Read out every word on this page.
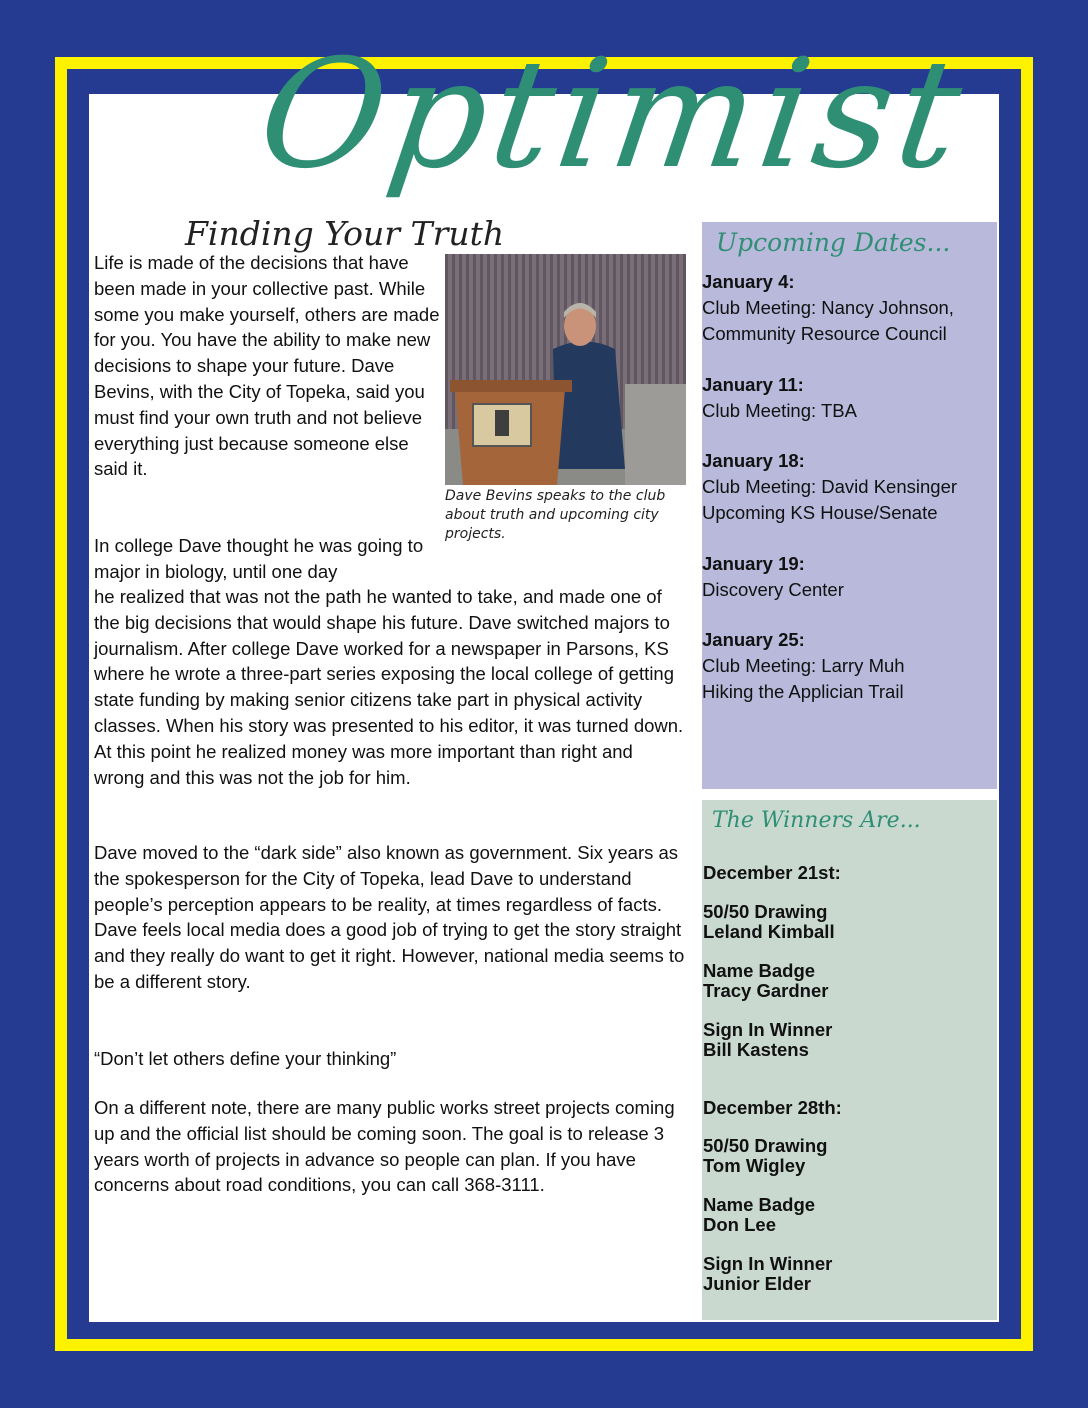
Optimist
Finding Your Truth
Life is made of the decisions that have been made in your collective past. While some you make yourself, others are made for you. You have the ability to make new decisions to shape your future. Dave Bevins, with the City of Topeka, said you must find your own truth and not believe everything just because someone else said it.
In college Dave thought he was going to major in biology, until one day
he realized that was not the path he wanted to take, and made one of the big decisions that would shape his future. Dave switched majors to journalism. After college Dave worked for a newspaper in Parsons, KS where he wrote a three-part series exposing the local college of getting state funding by making senior citizens take part in physical activity classes. When his story was presented to his editor, it was turned down. At this point he realized money was more important than right and wrong and this was not the job for him.
Dave moved to the “dark side” also known as government. Six years as the spokesperson for the City of Topeka, lead Dave to understand people’s perception appears to be reality, at times regardless of facts. Dave feels local media does a good job of trying to get the story straight and they really do want to get it right. However, national media seems to be a different story.
“Don’t let others define your thinking”
On a different note, there are many public works street projects coming up and the official list should be coming soon. The goal is to release 3 years worth of projects in advance so people can plan. If you have concerns about road conditions, you can call 368-3111.
Dave Bevins speaks to the club about truth and upcoming city projects.
Upcoming Dates...
January 4:
Club Meeting: Nancy Johnson,
Community Resource Council
January 11:
Club Meeting: TBA
January 18:
Club Meeting: David Kensinger
Upcoming KS House/Senate
January 19:
Discovery Center
January 25:
Club Meeting: Larry Muh
Hiking the Applician Trail
The Winners Are...
December 21st:
50/50 Drawing
Leland Kimball
Name Badge
Tracy Gardner
Sign In Winner
Bill Kastens
December 28th:
50/50 Drawing
Tom Wigley
Name Badge
Don Lee
Sign In Winner
Junior Elder
